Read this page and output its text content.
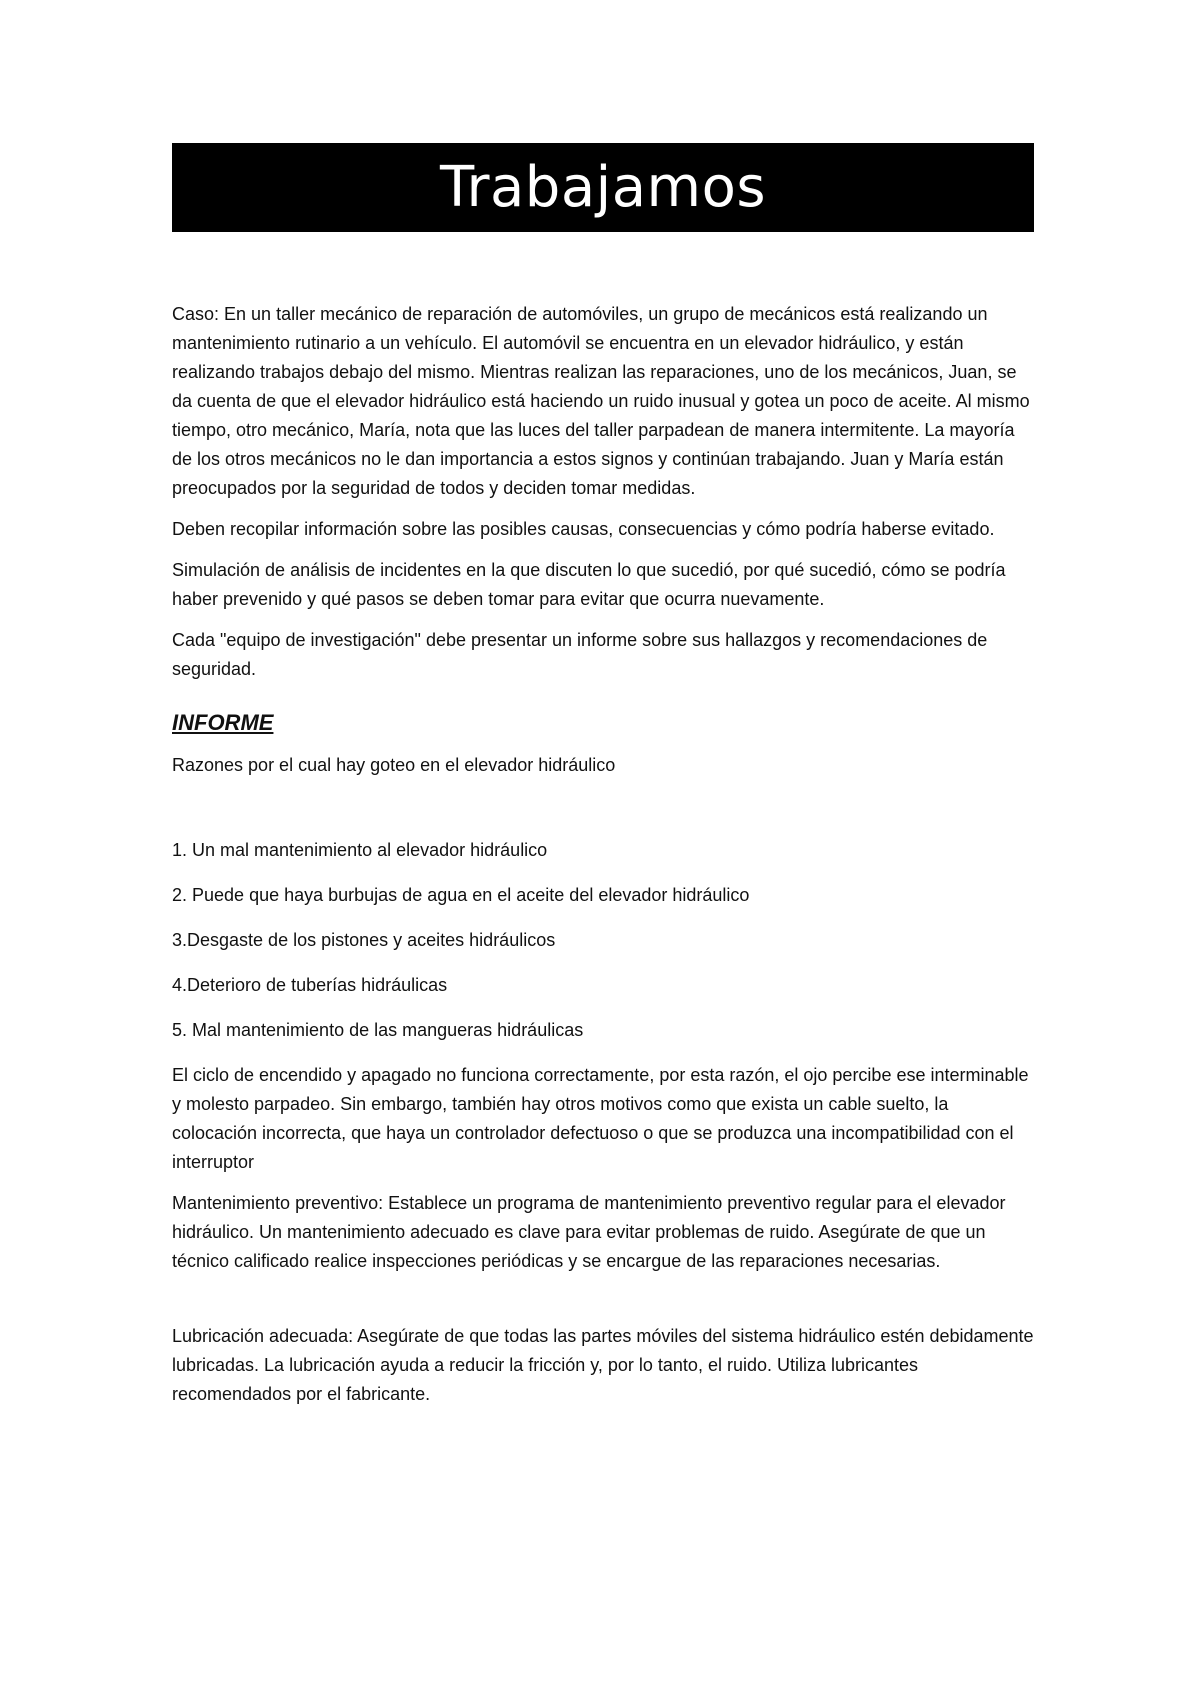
Trabajamos

Caso: En un taller mecánico de reparación de automóviles, un grupo de mecánicos está realizando un mantenimiento rutinario a un vehículo. El automóvil se encuentra en un elevador hidráulico, y están realizando trabajos debajo del mismo. Mientras realizan las reparaciones, uno de los mecánicos, Juan, se da cuenta de que el elevador hidráulico está haciendo un ruido inusual y gotea un poco de aceite. Al mismo tiempo, otro mecánico, María, nota que las luces del taller parpadean de manera intermitente. La mayoría de los otros mecánicos no le dan importancia a estos signos y continúan trabajando. Juan y María están preocupados por la seguridad de todos y deciden tomar medidas.

Deben recopilar información sobre las posibles causas, consecuencias y cómo podría haberse evitado.

Simulación de análisis de incidentes en la que discuten lo que sucedió, por qué sucedió, cómo se podría haber prevenido y qué pasos se deben tomar para evitar que ocurra nuevamente.

Cada "equipo de investigación" debe presentar un informe sobre sus hallazgos y recomendaciones de seguridad.

INFORME

Razones por el cual hay goteo en el elevador hidráulico

1. Un mal mantenimiento al elevador hidráulico

2. Puede que haya burbujas de agua en el aceite del elevador hidráulico

3.Desgaste de los pistones y aceites hidráulicos

4.Deterioro de tuberías hidráulicas

5. Mal mantenimiento de las mangueras hidráulicas

El ciclo de encendido y apagado no funciona correctamente, por esta razón, el ojo percibe ese interminable y molesto parpadeo. Sin embargo, también hay otros motivos como que exista un cable suelto, la colocación incorrecta, que haya un controlador defectuoso o que se produzca una incompatibilidad con el interruptor

Mantenimiento preventivo: Establece un programa de mantenimiento preventivo regular para el elevador hidráulico. Un mantenimiento adecuado es clave para evitar problemas de ruido. Asegúrate de que un técnico calificado realice inspecciones periódicas y se encargue de las reparaciones necesarias.

Lubricación adecuada: Asegúrate de que todas las partes móviles del sistema hidráulico estén debidamente lubricadas. La lubricación ayuda a reducir la fricción y, por lo tanto, el ruido. Utiliza lubricantes recomendados por el fabricante.
